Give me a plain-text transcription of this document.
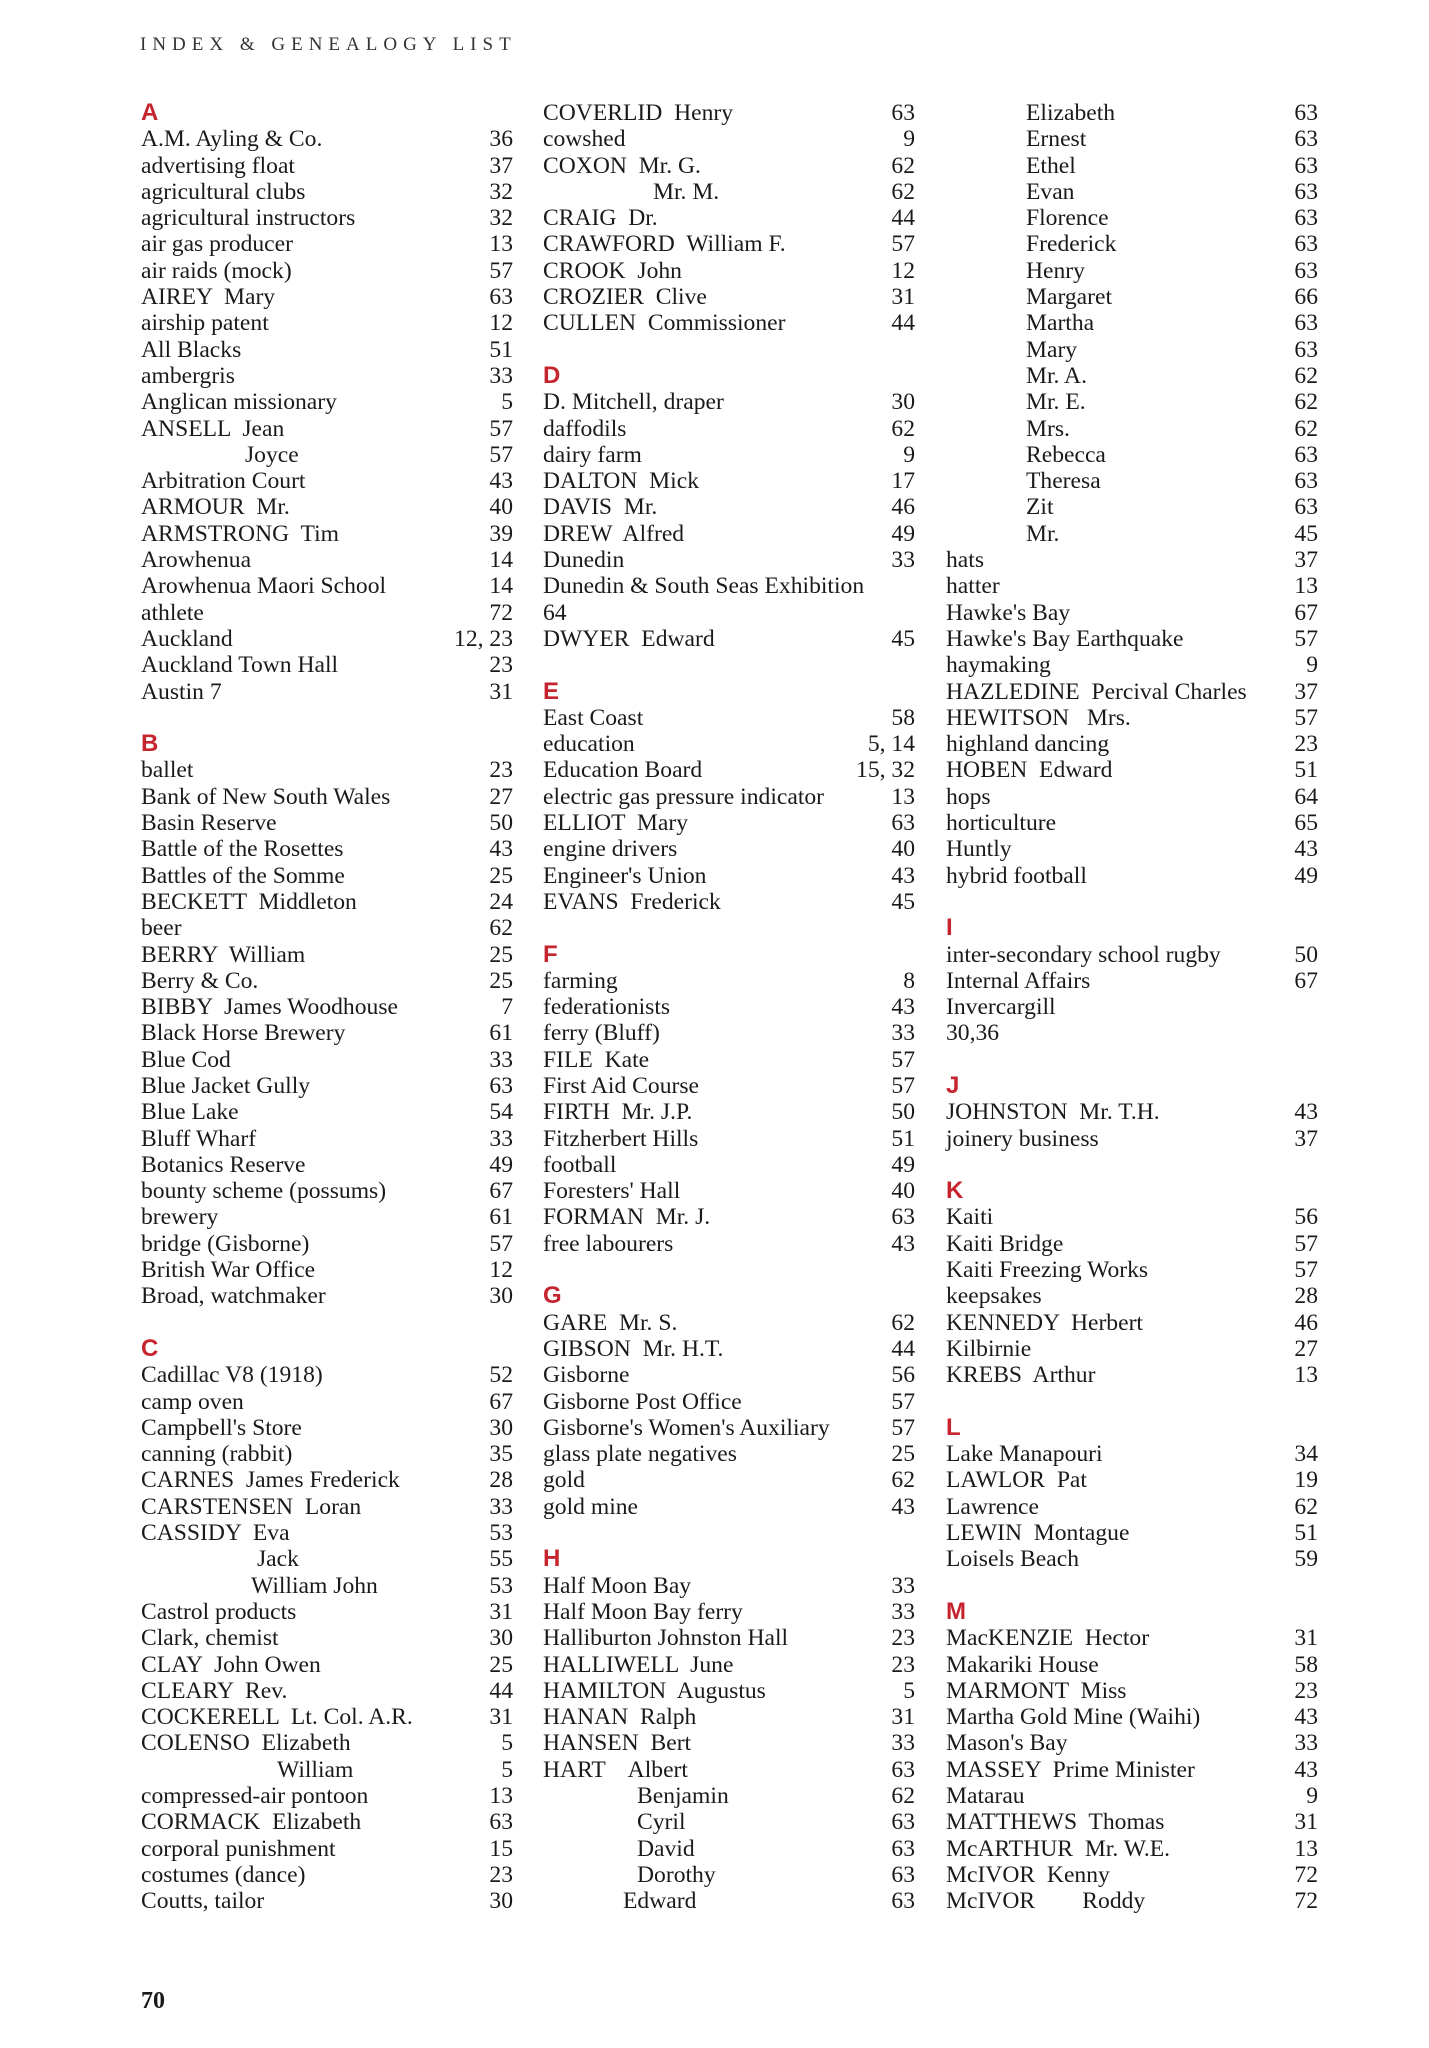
INDEX & GENEALOGY LIST
A
A.M. Ayling & Co.	36
advertising float	37
agricultural clubs	32
agricultural instructors	32
air gas producer	13
air raids (mock)	57
AIREY  Mary	63
airship patent	12
All Blacks	51
ambergris	33
Anglican missionary	5
ANSELL  Jean	57
Joyce	57
Arbitration Court	43
ARMOUR  Mr.	40
ARMSTRONG  Tim	39
Arowhenua	14
Arowhenua Maori School	14
athlete	72
Auckland	12, 23
Auckland Town Hall	23
Austin 7	31
B
ballet	23
Bank of New South Wales	27
Basin Reserve	50
Battle of the Rosettes	43
Battles of the Somme	25
BECKETT  Middleton	24
beer	62
BERRY  William	25
Berry & Co.	25
BIBBY  James Woodhouse	7
Black Horse Brewery	61
Blue Cod	33
Blue Jacket Gully	63
Blue Lake	54
Bluff Wharf	33
Botanics Reserve	49
bounty scheme (possums)	67
brewery	61
bridge (Gisborne)	57
British War Office	12
Broad, watchmaker	30
C
Cadillac V8 (1918)	52
camp oven	67
Campbell's Store	30
canning (rabbit)	35
CARNES  James Frederick	28
CARSTENSEN  Loran	33
CASSIDY  Eva	53
Jack	55
William John	53
Castrol products	31
Clark, chemist	30
CLAY  John Owen	25
CLEARY  Rev.	44
COCKERELL  Lt. Col. A.R.	31
COLENSO  Elizabeth	5
William	5
compressed-air pontoon	13
CORMACK  Elizabeth	63
corporal punishment	15
costumes (dance)	23
Coutts, tailor	30
COVERLID  Henry	63
cowshed	9
COXON  Mr. G.	62
Mr. M.	62
CRAIG  Dr.	44
CRAWFORD  William F.	57
CROOK  John	12
CROZIER  Clive	31
CULLEN  Commissioner	44
D
D. Mitchell, draper	30
daffodils	62
dairy farm	9
DALTON  Mick	17
DAVIS  Mr.	46
DREW  Alfred	49
Dunedin	33
Dunedin & South Seas Exhibition
64
DWYER  Edward	45
E
East Coast	58
education	5, 14
Education Board	15, 32
electric gas pressure indicator	13
ELLIOT  Mary	63
engine drivers	40
Engineer's Union	43
EVANS  Frederick	45
F
farming	8
federationists	43
ferry (Bluff)	33
FILE  Kate	57
First Aid Course	57
FIRTH  Mr. J.P.	50
Fitzherbert Hills	51
football	49
Foresters' Hall	40
FORMAN  Mr. J.	63
free labourers	43
G
GARE  Mr. S.	62
GIBSON  Mr. H.T.	44
Gisborne	56
Gisborne Post Office	57
Gisborne's Women's Auxiliary	57
glass plate negatives	25
gold	62
gold mine	43
H
Half Moon Bay	33
Half Moon Bay ferry	33
Halliburton Johnston Hall	23
HALLIWELL  June	23
HAMILTON  Augustus	5
HANAN  Ralph	31
HANSEN  Bert	33
HART    Albert	63
Benjamin	62
Cyril	63
David	63
Dorothy	63
Edward	63
Elizabeth	63
Ernest	63
Ethel	63
Evan	63
Florence	63
Frederick	63
Henry	63
Margaret	66
Martha	63
Mary	63
Mr. A.	62
Mr. E.	62
Mrs.	62
Rebecca	63
Theresa	63
Zit	63
Mr.	45
hats	37
hatter	13
Hawke's Bay	67
Hawke's Bay Earthquake	57
haymaking	9
HAZLEDINE  Percival Charles 37
HEWITSON   Mrs.	57
highland dancing	23
HOBEN  Edward	51
hops	64
horticulture	65
Huntly	43
hybrid football	49
I
inter-secondary school rugby	50
Internal Affairs	67
Invercargill
30,36
J
JOHNSTON  Mr. T.H.	43
joinery business	37
K
Kaiti	56
Kaiti Bridge	57
Kaiti Freezing Works	57
keepsakes	28
KENNEDY  Herbert	46
Kilbirnie	27
KREBS  Arthur	13
L
Lake Manapouri	34
LAWLOR  Pat	19
Lawrence	62
LEWIN  Montague	51
Loisels Beach	59
M
MacKENZIE  Hector	31
Makariki House	58
MARMONT  Miss	23
Martha Gold Mine (Waihi)	43
Mason's Bay	33
MASSEY  Prime Minister	43
Matarau	9
MATTHEWS  Thomas	31
McARTHUR  Mr. W.E.	13
McIVOR  Kenny	72
McIVOR        Roddy	72
70
